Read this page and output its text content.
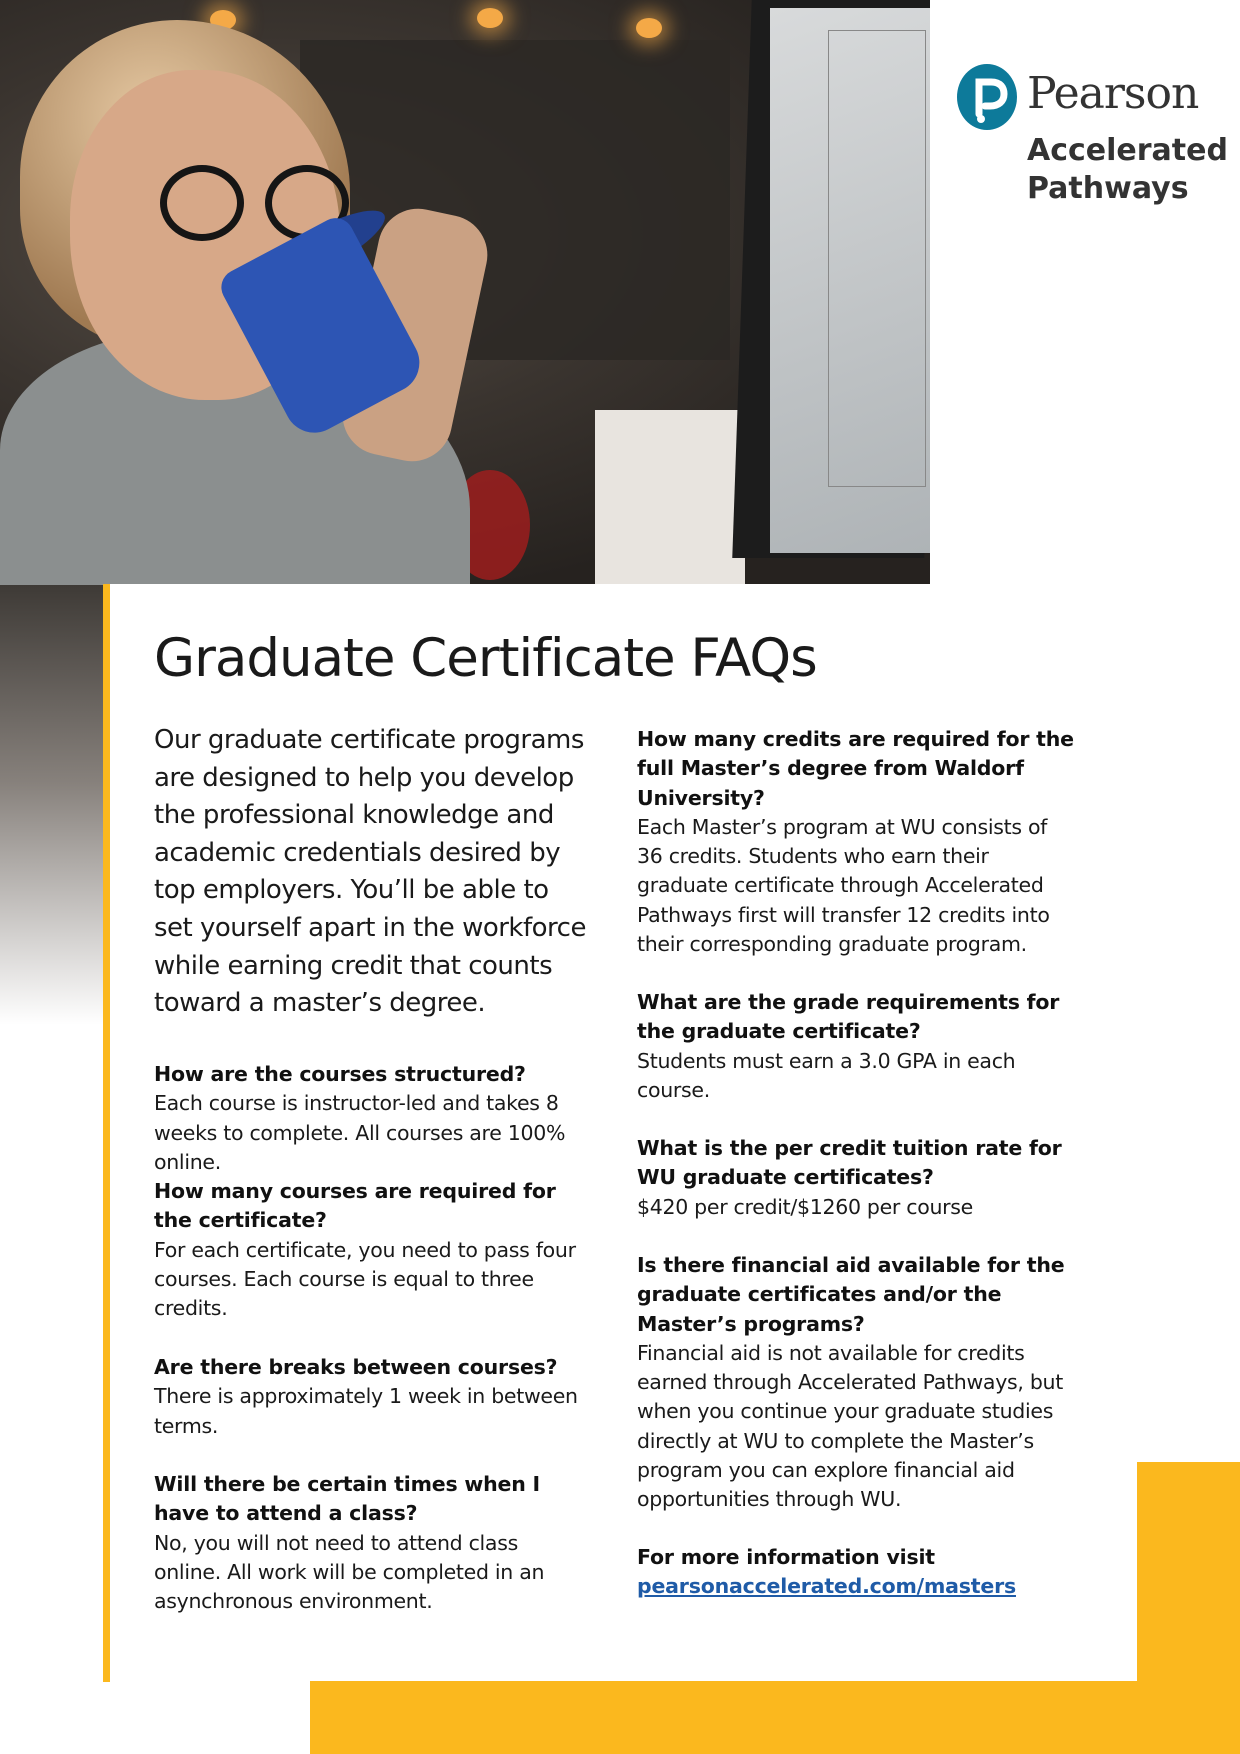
Pearson
Accelerated
Pathways
Graduate Certificate FAQs

Our graduate certificate programs are designed to help you develop the professional knowledge and academic credentials desired by top employers. You’ll be able to set yourself apart in the workforce while earning credit that counts toward a master’s degree.

How are the courses structured?

Each course is instructor-led and takes 8 weeks to complete. All courses are 100% online.

How many courses are required for the certificate?

For each certificate, you need to pass four courses. Each course is equal to three credits.

Are there breaks between courses?

There is approximately 1 week in between terms.

Will there be certain times when I have to attend a class?

No, you will not need to attend class online. All work will be completed in an asynchronous environment.

How many credits are required for the full Master’s degree from Waldorf University?

Each Master’s program at WU consists of 36 credits. Students who earn their graduate certificate through Accelerated Pathways first will transfer 12 credits into their corresponding graduate program.

What are the grade requirements for the graduate certificate?

Students must earn a 3.0 GPA in each course.

What is the per credit tuition rate for WU graduate certificates?

$420 per credit/$1260 per course

Is there financial aid available for the graduate certificates and/or the Master’s programs?

Financial aid is not available for credits earned through Accelerated Pathways, but when you continue your graduate studies directly at WU to complete the Master’s program you can explore financial aid opportunities through WU.

For more information visit
pearsonaccelerated.com/masters
